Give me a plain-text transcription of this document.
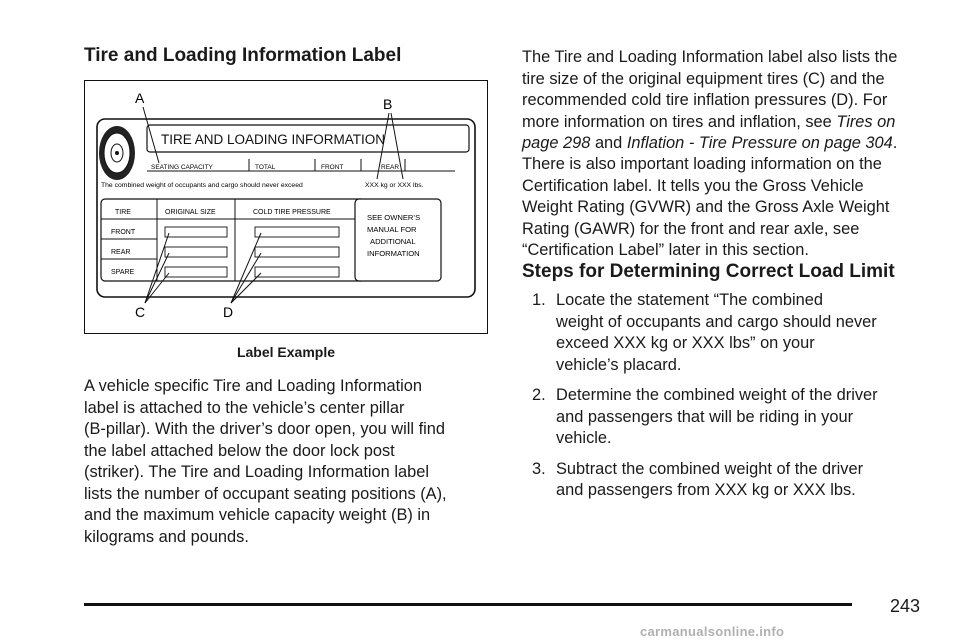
Tire and Loading Information Label
TIRE AND LOADING INFORMATION
SEATING CAPACITY	TOTAL	FRONT	REAR
The combined weight of occupants and cargo should never exceed	XXX kg or XXX lbs.
TIRE	ORIGINAL SIZE	COLD TIRE PRESSURE
FRONT
REAR
SPARE
SEE OWNER’S
MANUAL FOR
ADDITIONAL
INFORMATION
A	B
C	D
Label Example

A vehicle specific Tire and Loading Information
label is attached to the vehicle’s center pillar
(B-pillar). With the driver’s door open, you will find
the label attached below the door lock post
(striker). The Tire and Loading Information label
lists the number of occupant seating positions (A),
and the maximum vehicle capacity weight (B) in
kilograms and pounds.

The Tire and Loading Information label also lists the
tire size of the original equipment tires (C) and the
recommended cold tire inflation pressures (D). For
more information on tires and inflation, see Tires on
page 298 and Inflation - Tire Pressure on page 304.

There is also important loading information on the
Certification label. It tells you the Gross Vehicle
Weight Rating (GVWR) and the Gross Axle Weight
Rating (GAWR) for the front and rear axle, see
“Certification Label” later in this section.

Steps for Determining Correct Load Limit
1. Locate the statement “The combined
weight of occupants and cargo should never
exceed XXX kg or XXX lbs” on your
vehicle’s placard.
2. Determine the combined weight of the driver
and passengers that will be riding in your
vehicle.
3. Subtract the combined weight of the driver
and passengers from XXX kg or XXX lbs.
243
carmanualsonline.info
